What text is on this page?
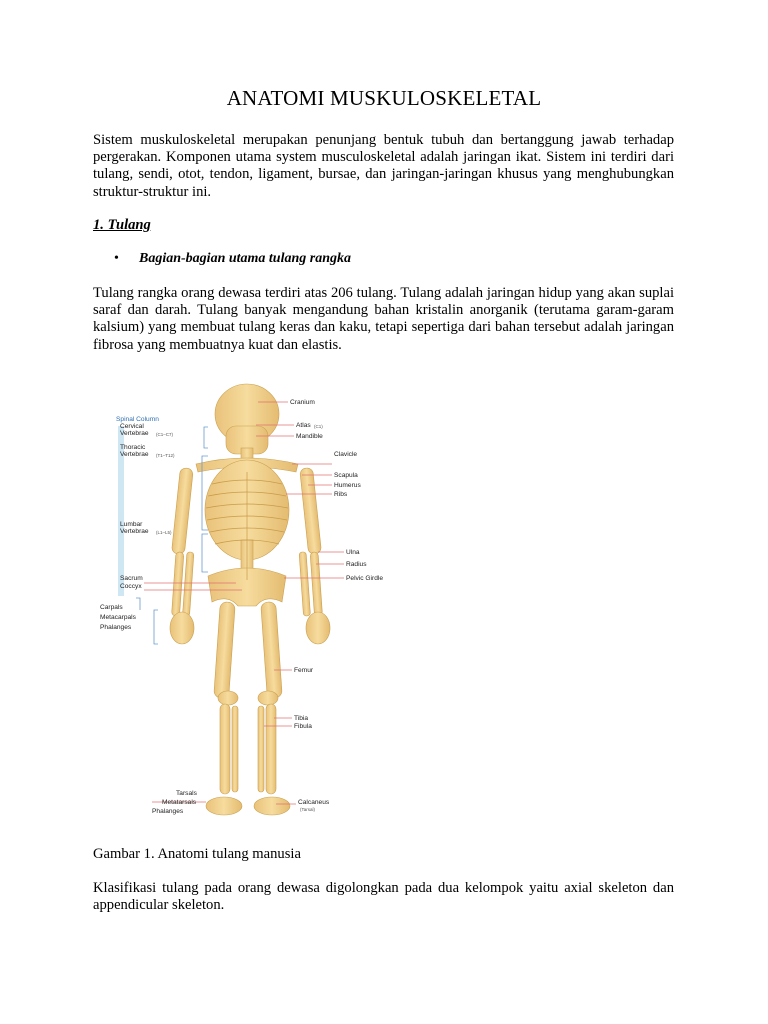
ANATOMI MUSKULOSKELETAL
Sistem muskuloskeletal merupakan penunjang bentuk tubuh dan bertanggung jawab terhadap pergerakan. Komponen utama system musculoskeletal adalah jaringan ikat. Sistem ini terdiri dari tulang, sendi, otot, tendon, ligament, bursae, dan jaringan-jaringan khusus yang menghubungkan struktur-struktur ini.
1. Tulang
•	Bagian-bagian utama tulang rangka
Tulang rangka orang dewasa terdiri atas 206 tulang. Tulang adalah jaringan hidup yang akan suplai saraf dan darah. Tulang banyak mengandung bahan kristalin anorganik (terutama garam-garam kalsium) yang membuat tulang keras dan kaku, tetapi sepertiga dari bahan tersebut adalah jaringan fibrosa yang membuatnya kuat dan elastis.
Spinal Column
Cervical
Vertebrae (C1–C7)
Thoracic
Vertebrae (T1–T12)
Lumbar
Vertebrae (L1–L5)
Sacrum
Coccyx
Carpals
Metacarpals
Phalanges
Tarsals
Metatarsals
Phalanges
Cranium
Atlas (C1)
Mandible
Clavicle
Scapula
Humerus
Ribs
Ulna
Radius
Pelvic Girdle
Femur
Tibia
Fibula
Calcaneus
(Tarsal)
Gambar 1. Anatomi tulang manusia
Klasifikasi tulang pada orang dewasa digolongkan pada dua kelompok yaitu axial skeleton dan appendicular skeleton.
